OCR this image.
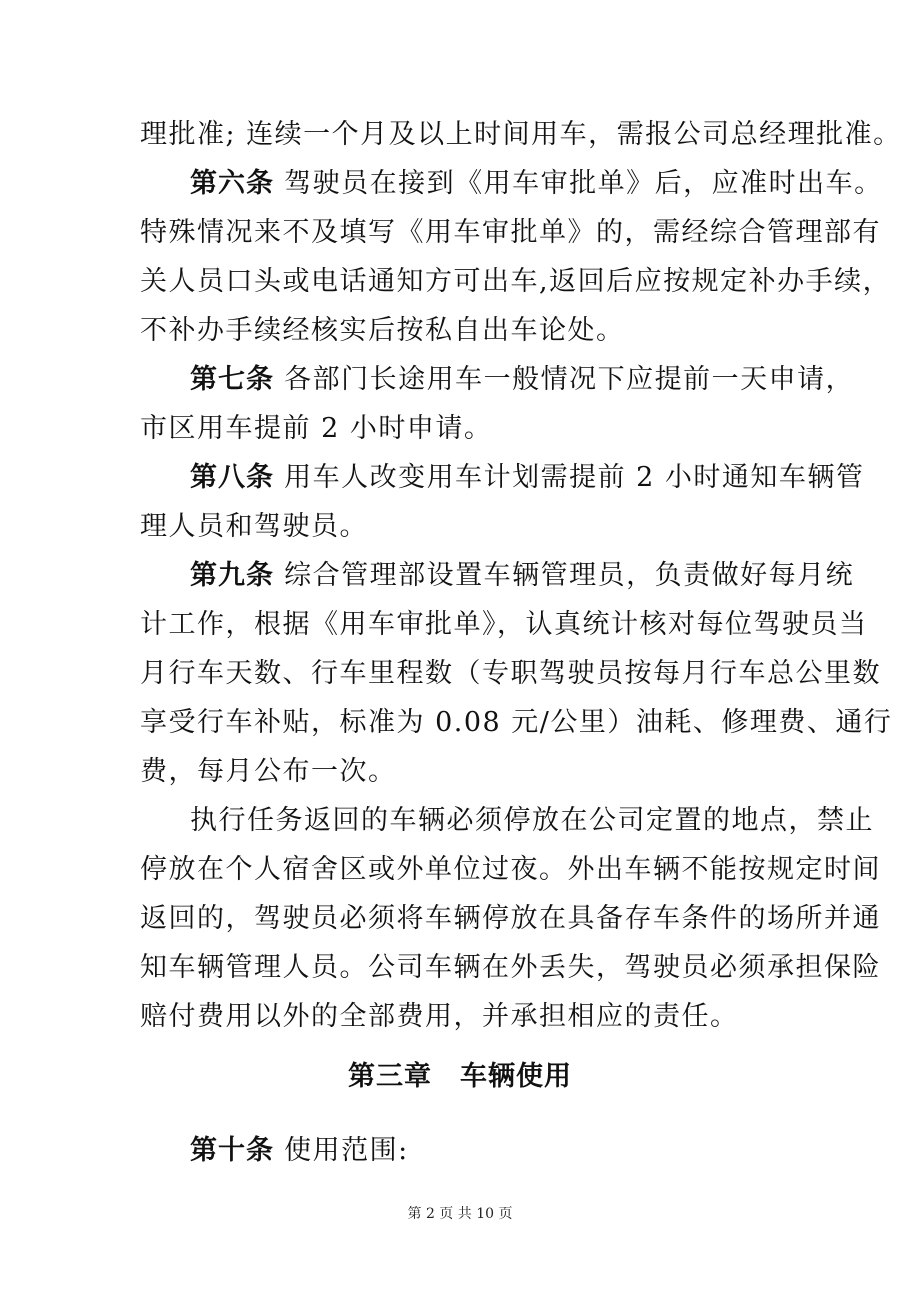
理批准; 连续一个月及以上时间用车，需报公司总经理批准。
第六条 驾驶员在接到《用车审批单》后，应准时出车。
特殊情况来不及填写《用车审批单》的，需经综合管理部有
关人员口头或电话通知方可出车,返回后应按规定补办手续，
不补办手续经核实后按私自出车论处。
第七条 各部门长途用车一般情况下应提前一天申请，
市区用车提前 2 小时申请。
第八条 用车人改变用车计划需提前 2 小时通知车辆管
理人员和驾驶员。
第九条 综合管理部设置车辆管理员，负责做好每月统
计工作，根据《用车审批单》，认真统计核对每位驾驶员当
月行车天数、行车里程数（专职驾驶员按每月行车总公里数
享受行车补贴，标准为 0.08 元/公里）油耗、修理费、通行
费，每月公布一次。
执行任务返回的车辆必须停放在公司定置的地点，禁止
停放在个人宿舍区或外单位过夜。外出车辆不能按规定时间
返回的，驾驶员必须将车辆停放在具备存车条件的场所并通
知车辆管理人员。公司车辆在外丢失，驾驶员必须承担保险
赔付费用以外的全部费用，并承担相应的责任。
第三章　车辆使用
第十条 使用范围:
第 2 页 共 10 页
